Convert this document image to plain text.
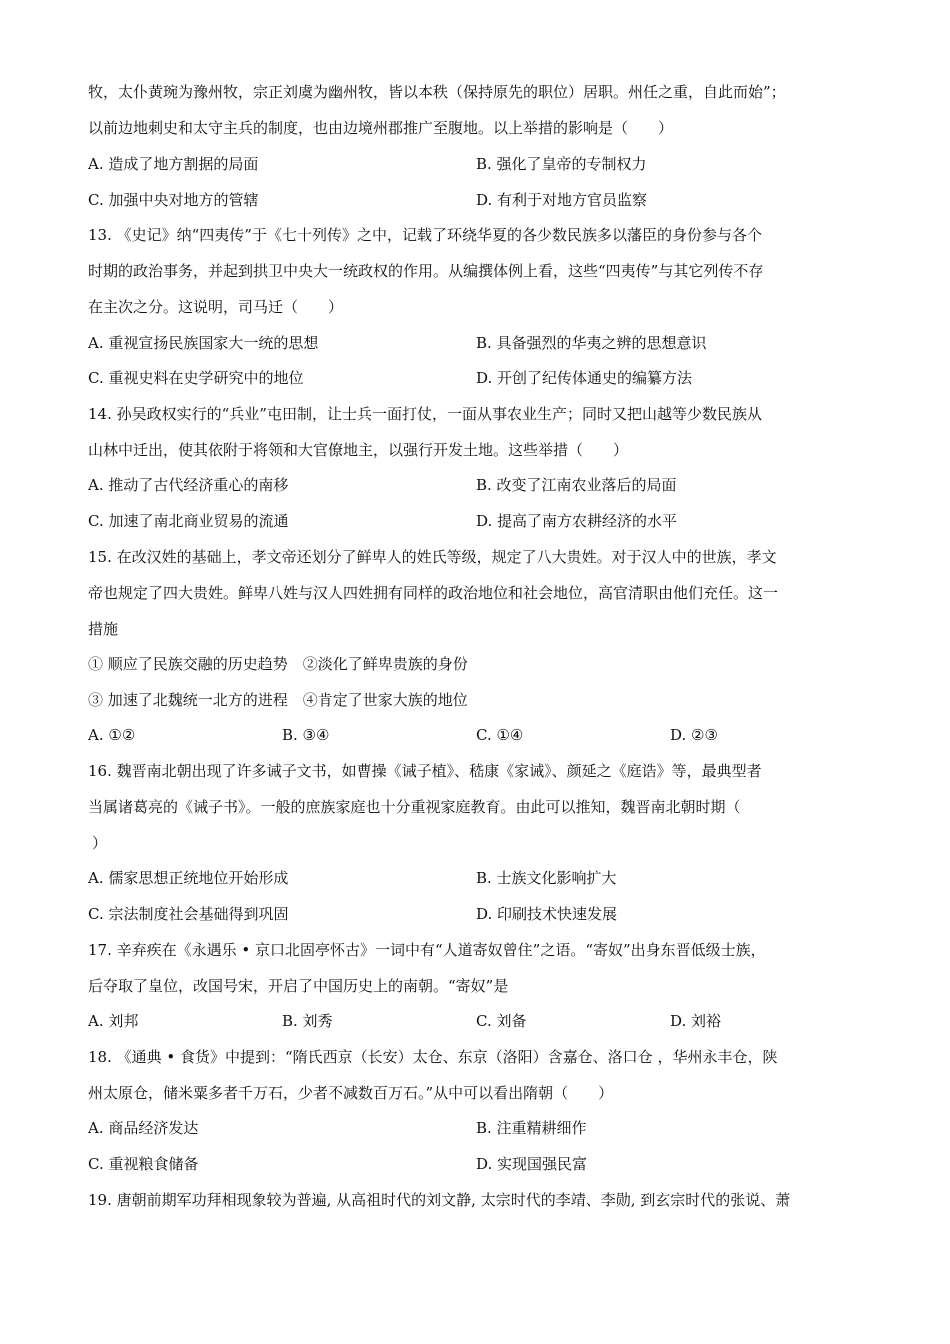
牧，太仆黄琬为豫州牧，宗正刘虞为幽州牧，皆以本秩（保持原先的职位）居职。州任之重，自此而始”；
以前边地刺史和太守主兵的制度，也由边境州郡推广至腹地。以上举措的影响是（　　）
A. 造成了地方割据的局面	B. 强化了皇帝的专制权力
C. 加强中央对地方的管辖	D. 有利于对地方官员监察
13. 《史记》纳“四夷传”于《七十列传》之中，记载了环绕华夏的各少数民族多以藩臣的身份参与各个
时期的政治事务，并起到拱卫中央大一统政权的作用。从编撰体例上看，这些“四夷传”与其它列传不存
在主次之分。这说明，司马迁（　　）
A. 重视宣扬民族国家大一统的思想	B. 具备强烈的华夷之辨的思想意识
C. 重视史料在史学研究中的地位	D. 开创了纪传体通史的编纂方法
14. 孙吴政权实行的“兵业”屯田制，让士兵一面打仗，一面从事农业生产；同时又把山越等少数民族从
山林中迁出，使其依附于将领和大官僚地主，以强行开发土地。这些举措（　　）
A. 推动了古代经济重心的南移	B. 改变了江南农业落后的局面
C. 加速了南北商业贸易的流通	D. 提高了南方农耕经济的水平
15. 在改汉姓的基础上，孝文帝还划分了鲜卑人的姓氏等级，规定了八大贵姓。对于汉人中的世族，孝文
帝也规定了四大贵姓。鲜卑八姓与汉人四姓拥有同样的政治地位和社会地位，高官清职由他们充任。这一
措施
① 顺应了民族交融的历史趋势　②淡化了鲜卑贵族的身份
③ 加速了北魏统一北方的进程　④肯定了世家大族的地位
A. ①②	B. ③④	C. ①④	D. ②③
16. 魏晋南北朝出现了许多诫子文书，如曹操《诫子植》、嵇康《家诫》、颜延之《庭诰》等，最典型者
当属诸葛亮的《诫子书》。一般的庶族家庭也十分重视家庭教育。由此可以推知，魏晋南北朝时期（
）
A. 儒家思想正统地位开始形成	B. 士族文化影响扩大
C. 宗法制度社会基础得到巩固	D. 印刷技术快速发展
17. 辛弃疾在《永遇乐 • 京口北固亭怀古》一词中有“人道寄奴曾住”之语。“寄奴”出身东晋低级士族，
后夺取了皇位，改国号宋，开启了中国历史上的南朝。“寄奴”是
A. 刘邦	B. 刘秀	C. 刘备	D. 刘裕
18. 《通典 • 食货》中提到：“隋氏西京（长安）太仓、东京（洛阳）含嘉仓、洛口仓 ，华州永丰仓，陕
州太原仓，储米粟多者千万石，少者不减数百万石。”从中可以看出隋朝（　　）
A. 商品经济发达	B. 注重精耕细作
C. 重视粮食储备	D. 实现国强民富
19. 唐朝前期军功拜相现象较为普遍, 从高祖时代的刘文静, 太宗时代的李靖、李勋, 到玄宗时代的张说、萧
